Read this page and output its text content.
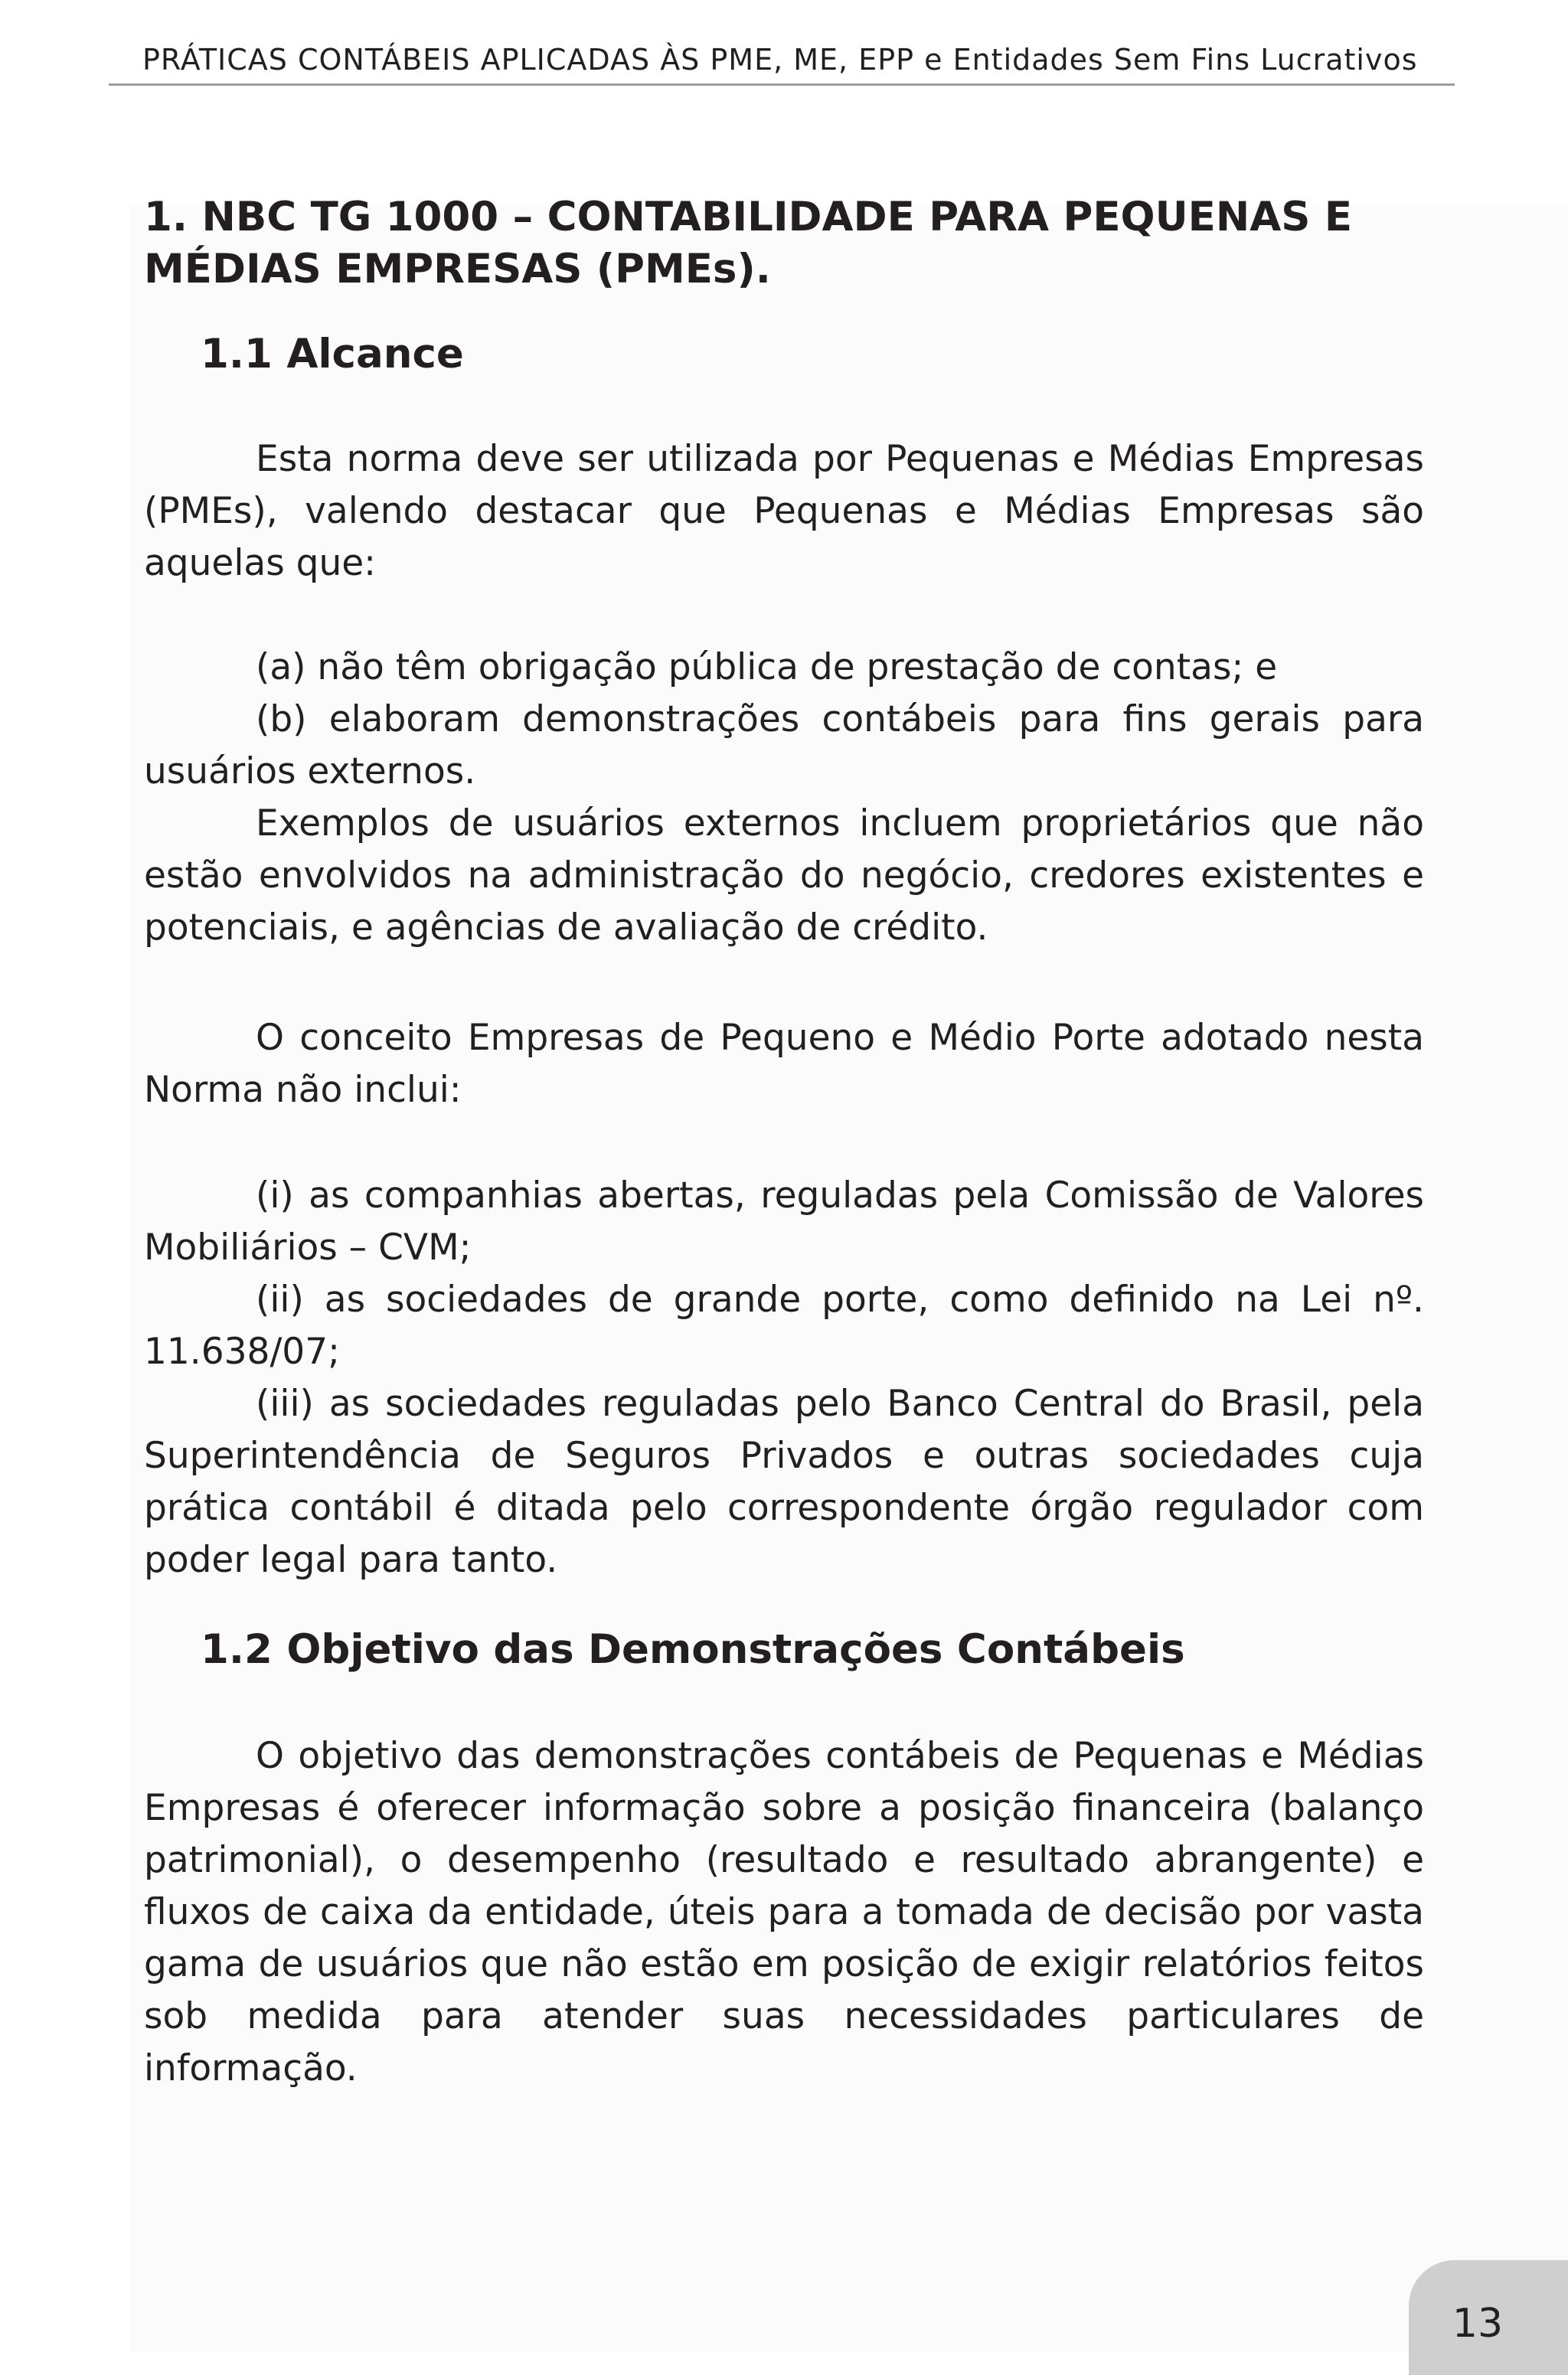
PRÁTICAS CONTÁBEIS APLICADAS ÀS PME, ME, EPP e Entidades Sem Fins Lucrativos
1. NBC TG 1000 – CONTABILIDADE PARA PEQUENAS E MÉDIAS EMPRESAS (PMEs).
1.1 Alcance

Esta norma deve ser utilizada por Pequenas e Médias Empresas (PMEs), valendo destacar que Pequenas e Médias Empresas são aquelas que:

(a) não têm obrigação pública de prestação de contas; e

(b) elaboram demonstrações contábeis para fins gerais para usuários externos.

Exemplos de usuários externos incluem proprietários que não estão envolvidos na administração do negócio, credores existentes e potenciais, e agências de avaliação de crédito.

O conceito Empresas de Pequeno e Médio Porte adotado nesta Norma não inclui:

(i) as companhias abertas, reguladas pela Comissão de Valores Mobiliários – CVM;

(ii) as sociedades de grande porte, como definido na Lei nº. 11.638/07;

(iii) as sociedades reguladas pelo Banco Central do Brasil, pela Superintendência de Seguros Privados e outras sociedades cuja prática contábil é ditada pelo correspondente órgão regulador com poder legal para tanto.

1.2 Objetivo das Demonstrações Contábeis

O objetivo das demonstrações contábeis de Pequenas e Médias Empresas é oferecer informação sobre a posição financeira (balanço patrimonial), o desempenho (resultado e resultado abrangente) e fluxos de caixa da entidade, úteis para a tomada de decisão por vasta gama de usuários que não estão em posição de exigir relatórios feitos sob medida para atender suas necessidades particulares de informação.

13
